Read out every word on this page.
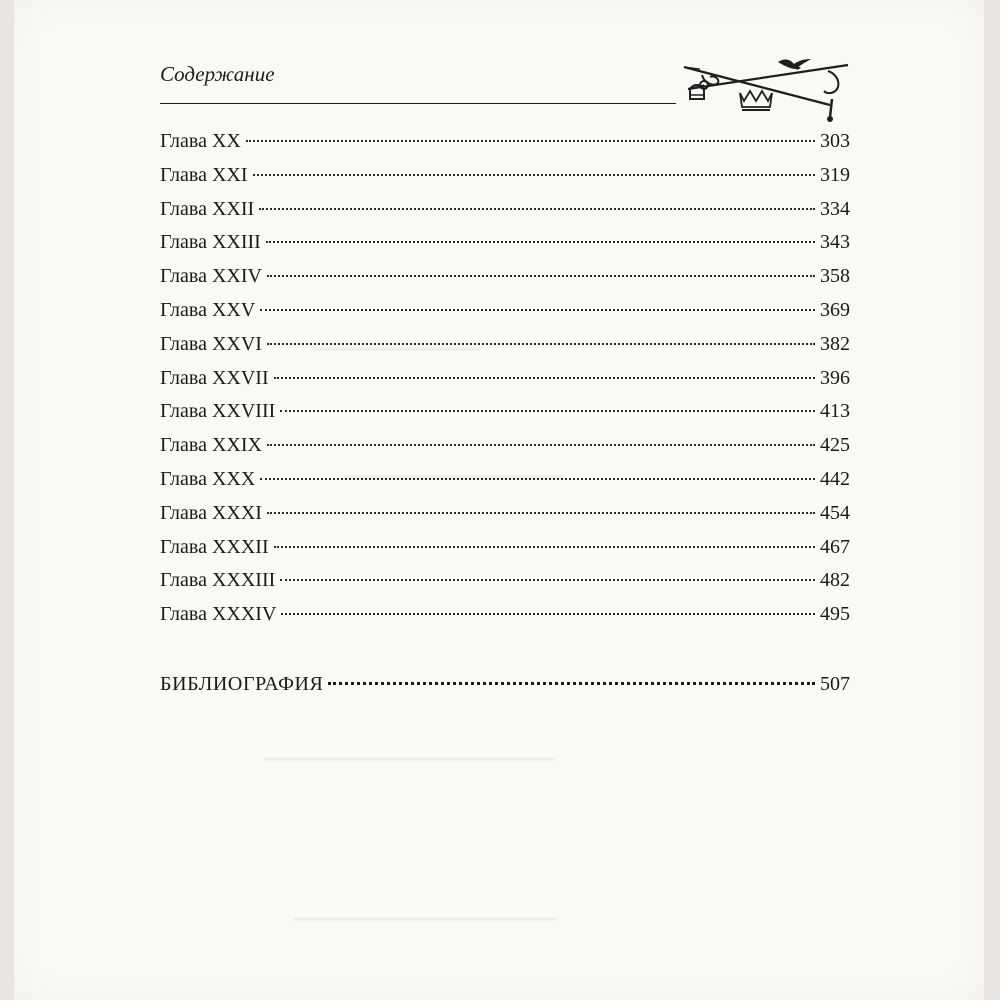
▁▁▁▁▁▁▁▁▁▁▁▁
▁▁▁▁▁▁▁▁▁▁▁
▁▁▁▁▁▁▁▁▁▁▁▁▁▁▁▁▁▁▁▁▁
▁▁▁▁▁▁▁▁▁▁▁▁▁▁▁▁▁▁▁
Содержание
Глава XX	303
Глава XXI	319
Глава XXII	334
Глава XXIII	343
Глава XXIV	358
Глава XXV	369
Глава XXVI	382
Глава XXVII	396
Глава XXVIII	413
Глава XXIX	425
Глава XXX	442
Глава XXXI	454
Глава XXXII	467
Глава XXXIII	482
Глава XXXIV	495
БИБЛИОГРАФИЯ	507
